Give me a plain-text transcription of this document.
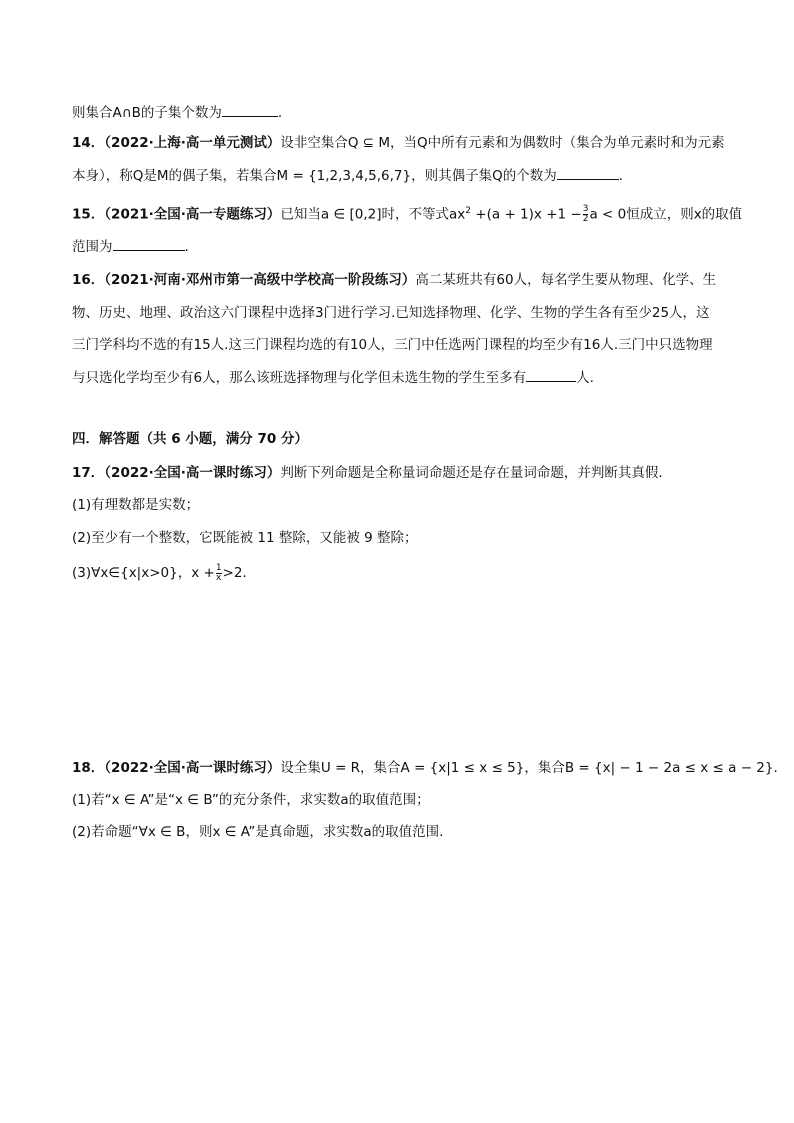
则集合A∩B的子集个数为	.
14．（2022·上海·高一单元测试）设非空集合Q ⊆ M，当Q中所有元素和为偶数时（集合为单元素时和为元素
本身），称Q是M的偶子集，若集合M = {1,2,3,4,5,6,7}，则其偶子集Q的个数为	.
15．（2021·全国·高一专题练习）已知当a ∈ [0,2]时，不等式$ax^2 +(a + 1)x +1 - \frac{3}{2}$ a < 0恒成立，则x的取值
范围为	.
16．（2021·河南·邓州市第一高级中学校高一阶段练习）高二某班共有60人，每名学生要从物理、化学、生
物、历史、地理、政治这六门课程中选择3门进行学习.已知选择物理、化学、生物的学生各有至少25人，这
三门学科均不选的有15人.这三门课程均选的有10人，三门中任选两门课程的均至少有16人.三门中只选物理
与只选化学均至少有6人，那么该班选择物理与化学但未选生物的学生至多有	人.
四．解答题（共 6 小题，满分 70 分）
17．（2022·全国·高一课时练习）判断下列命题是全称量词命题还是存在量词命题，并判断其真假．
(1)有理数都是实数；
(2)至少有一个整数，它既能被 11 整除，又能被 9 整除；
(3)∀x∈{x|x>0}，$x + \frac{1}{x} >2$．
18．（2022·全国·高一课时练习）设全集U = R，集合A = {x|1 ≤ x ≤ 5}，集合B = {x| − 1 − 2a ≤ x ≤ a − 2}.
(1)若“x ∈ A”是“x ∈ B”的充分条件，求实数a的取值范围；
(2)若命题“∀x ∈ B，则x ∈ A”是真命题，求实数a的取值范围.
